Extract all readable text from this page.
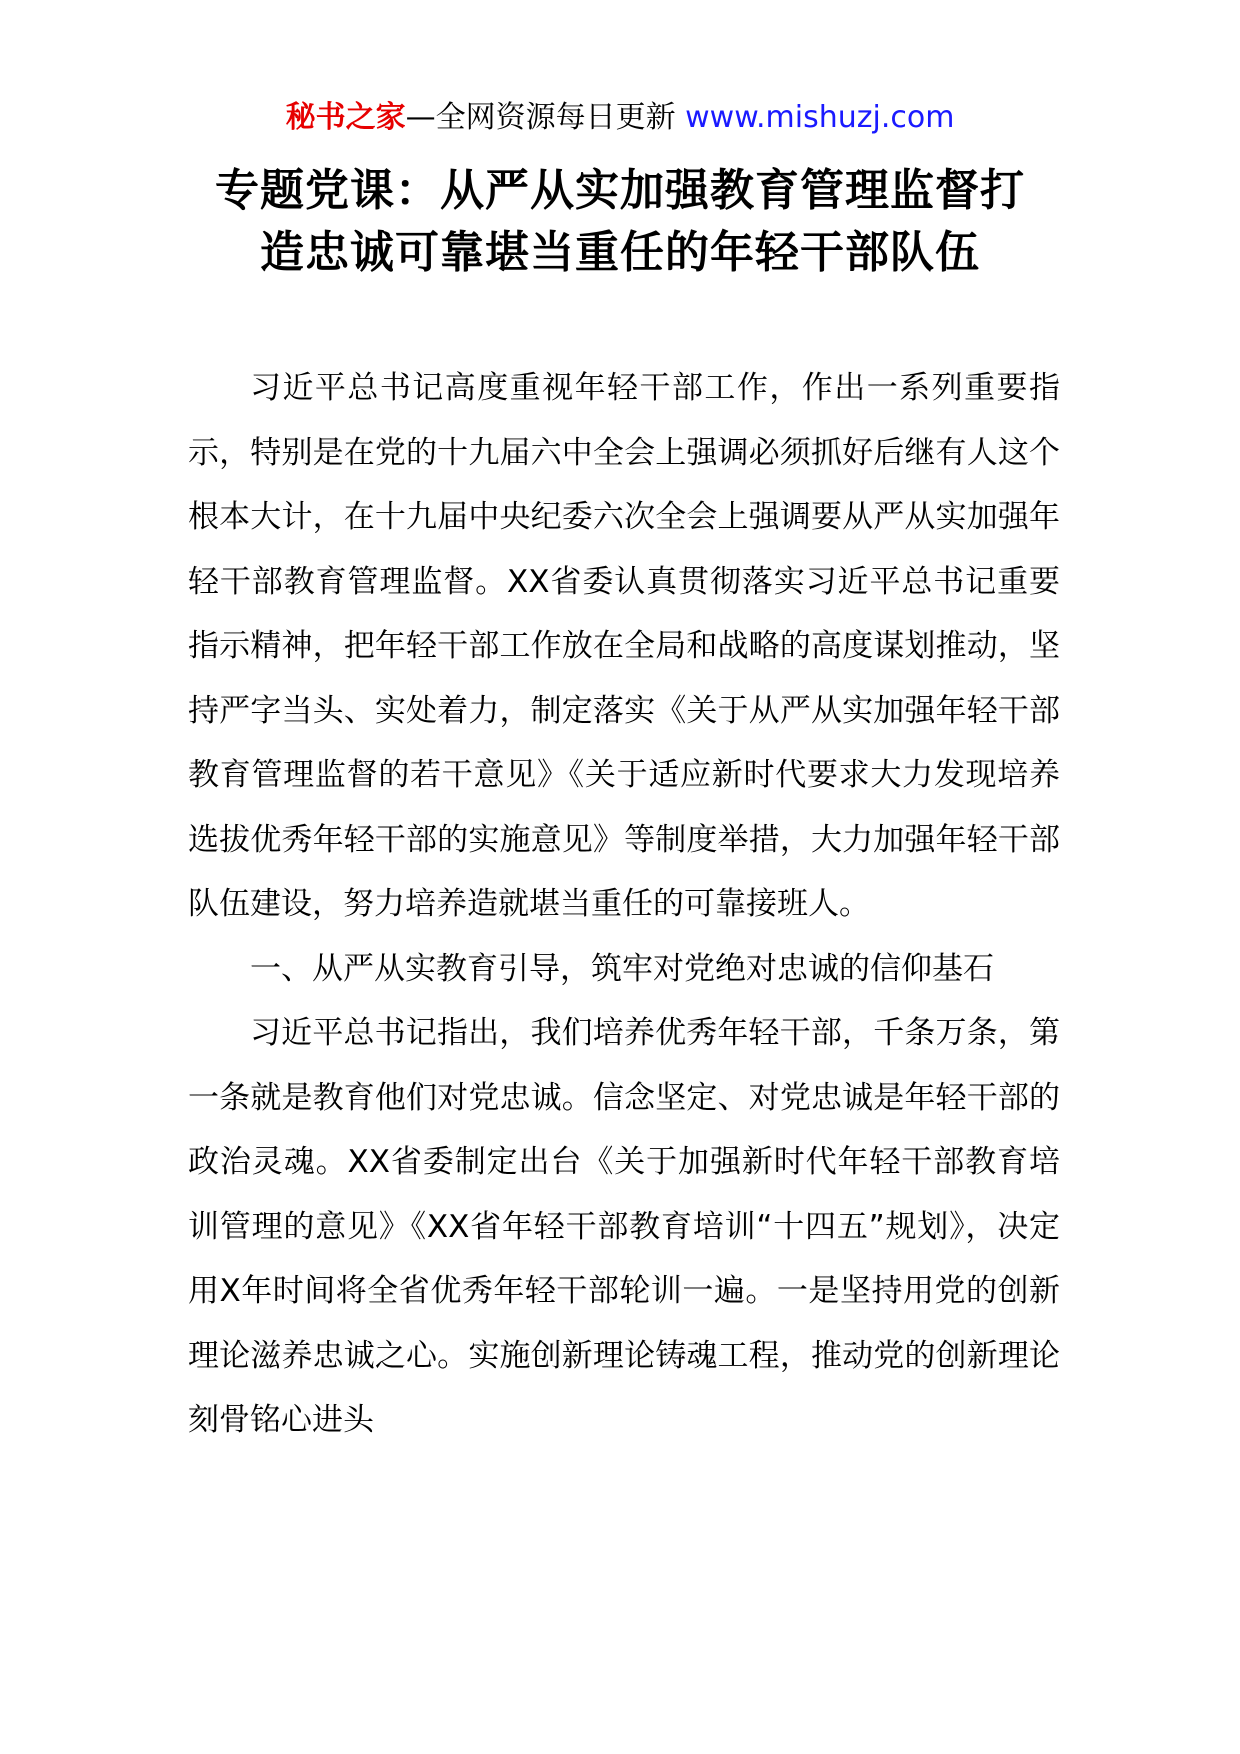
秘书之家—全网资源每日更新 www.mishuzj.com
专题党课：从严从实加强教育管理监督打
造忠诚可靠堪当重任的年轻干部队伍

习近平总书记高度重视年轻干部工作，作出一系列重要指示，特别是在党的十九届六中全会上强调必须抓好后继有人这个根本大计，在十九届中央纪委六次全会上强调要从严从实加强年轻干部教育管理监督。XX省委认真贯彻落实习近平总书记重要指示精神，把年轻干部工作放在全局和战略的高度谋划推动，坚持严字当头、实处着力，制定落实《关于从严从实加强年轻干部教育管理监督的若干意见》《关于适应新时代要求大力发现培养选拔优秀年轻干部的实施意见》等制度举措，大力加强年轻干部队伍建设，努力培养造就堪当重任的可靠接班人。

一、从严从实教育引导，筑牢对党绝对忠诚的信仰基石

习近平总书记指出，我们培养优秀年轻干部，千条万条，第一条就是教育他们对党忠诚。信念坚定、对党忠诚是年轻干部的政治灵魂。XX省委制定出台《关于加强新时代年轻干部教育培训管理的意见》《XX省年轻干部教育培训“十四五”规划》，决定用X年时间将全省优秀年轻干部轮训一遍。一是坚持用党的创新理论滋养忠诚之心。实施创新理论铸魂工程，推动党的创新理论刻骨铭心进头
